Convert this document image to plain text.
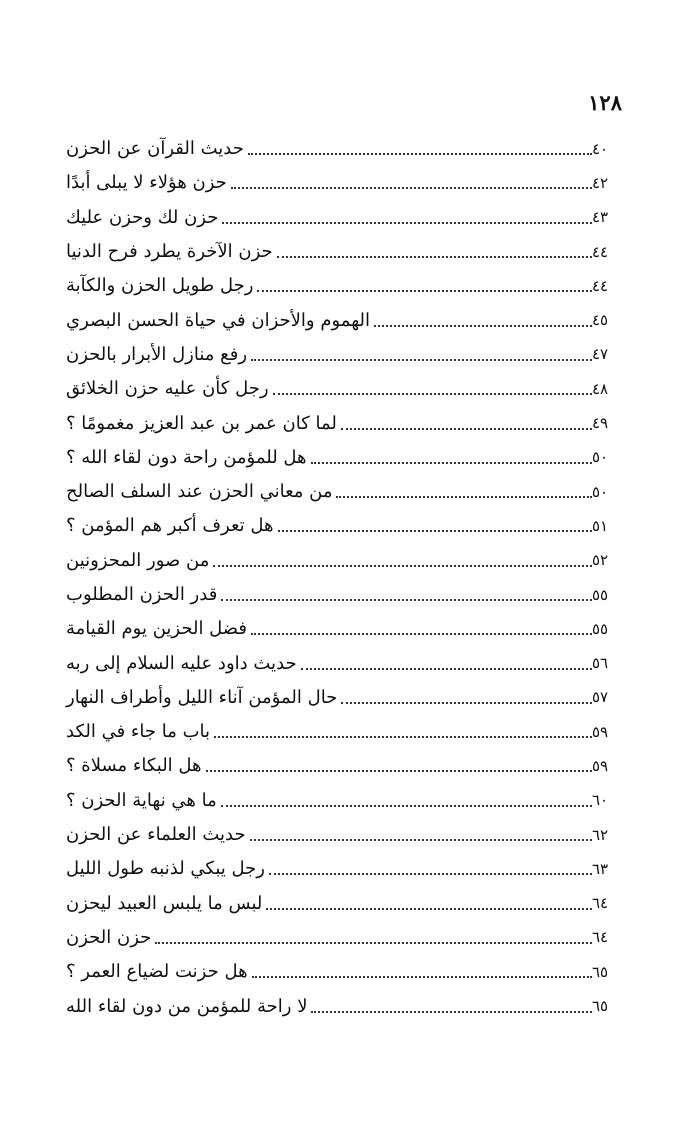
١٢٨
حديث القرآن عن الحزن	٤٠
حزن هؤلاء لا يبلى أبدًا	٤٢
حزن لك وحزن عليك	٤٣
حزن الآخرة يطرد فرح الدنيا	٤٤
رجل طويل الحزن والكآبة	٤٤
الهموم والأحزان في حياة الحسن البصري	٤٥
رفع منازل الأبرار بالحزن	٤٧
رجل كأن عليه حزن الخلائق	٤٨
لما كان عمر بن عبد العزيز مغمومًا ؟	٤٩
هل للمؤمن راحة دون لقاء الله ؟	٥٠
من معاني الحزن عند السلف الصالح	٥٠
هل تعرف أكبر هم المؤمن ؟	٥١
من صور المحزونين	٥٢
قدر الحزن المطلوب	٥٥
فضل الحزين يوم القيامة	٥٥
حديث داود عليه السلام إلى ربه	٥٦
حال المؤمن آناء الليل وأطراف النهار	٥٧
باب ما جاء في الكد	٥٩
هل البكاء مسلاة ؟	٥٩
ما هي نهاية الحزن ؟	٦٠
حديث العلماء عن الحزن	٦٢
رجل يبكي لذنبه طول الليل	٦٣
لبس ما يلبس العبيد ليحزن	٦٤
حزن الحزن	٦٤
هل حزنت لضياع العمر ؟	٦٥
لا راحة للمؤمن من دون لقاء الله	٦٥
